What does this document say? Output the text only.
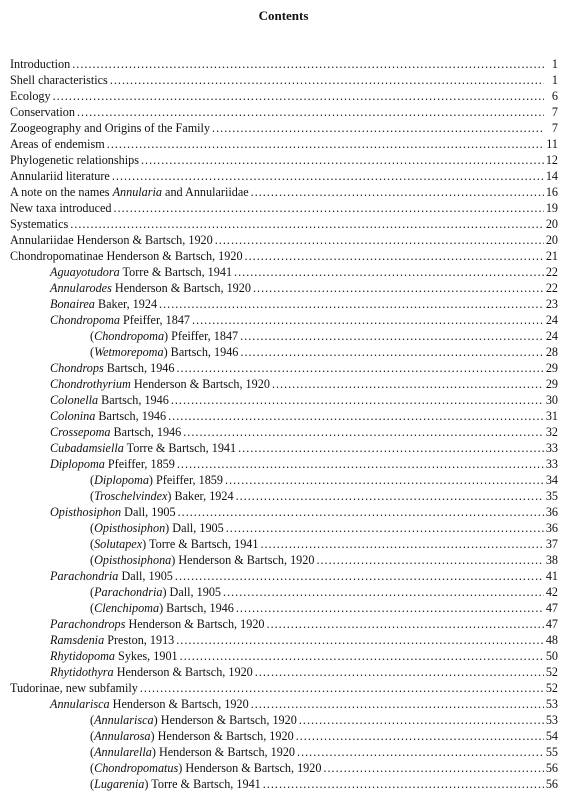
Contents
Introduction .....	1
Shell characteristics .....	1
Ecology .....	6
Conservation .....	7
Zoogeography and Origins of the Family .....	7
Areas of endemism .....	11
Phylogenetic relationships .....	12
Annulariid literature .....	14
A note on the names Annularia and Annulariidae .....	16
New taxa introduced .....	19
Systematics .....	20
Annulariidae Henderson & Bartsch, 1920 .....	20
Chondropomatinae Henderson & Bartsch, 1920 .....	21
Aguayotudora Torre & Bartsch, 1941 .....	22
Annularodes Henderson & Bartsch, 1920 .....	22
Bonairea Baker, 1924 .....	23
Chondropoma Pfeiffer, 1847 .....	24
(Chondropoma) Pfeiffer, 1847 .....	24
(Wetmorepoma) Bartsch, 1946 .....	28
Chondrops Bartsch, 1946 .....	29
Chondrothyrium Henderson & Bartsch, 1920 .....	29
Colonella Bartsch, 1946 .....	30
Colonina Bartsch, 1946 .....	31
Crossepoma Bartsch, 1946 .....	32
Cubadamsiella Torre & Bartsch, 1941 .....	33
Diplopoma Pfeiffer, 1859 .....	33
(Diplopoma) Pfeiffer, 1859 .....	34
(Troschelvindex) Baker, 1924 .....	35
Opisthosiphon Dall, 1905 .....	36
(Opisthosiphon) Dall, 1905 .....	36
(Solutapex) Torre & Bartsch, 1941 .....	37
(Opisthosiphona) Henderson & Bartsch, 1920 .....	38
Parachondria Dall, 1905 .....	41
(Parachondria) Dall, 1905 .....	42
(Clenchipoma) Bartsch, 1946 .....	47
Parachondrops Henderson & Bartsch, 1920 .....	47
Ramsdenia Preston, 1913 .....	48
Rhytidopoma Sykes, 1901 .....	50
Rhytidothyra Henderson & Bartsch, 1920 .....	52
Tudorinae, new subfamily .....	52
Annularisca Henderson & Bartsch, 1920 .....	53
(Annularisca) Henderson & Bartsch, 1920 .....	53
(Annularosa) Henderson & Bartsch, 1920 .....	54
(Annularella) Henderson & Bartsch, 1920 .....	55
(Chondropomatus) Henderson & Bartsch, 1920 .....	56
(Lugarenia) Torre & Bartsch, 1941 .....	56
